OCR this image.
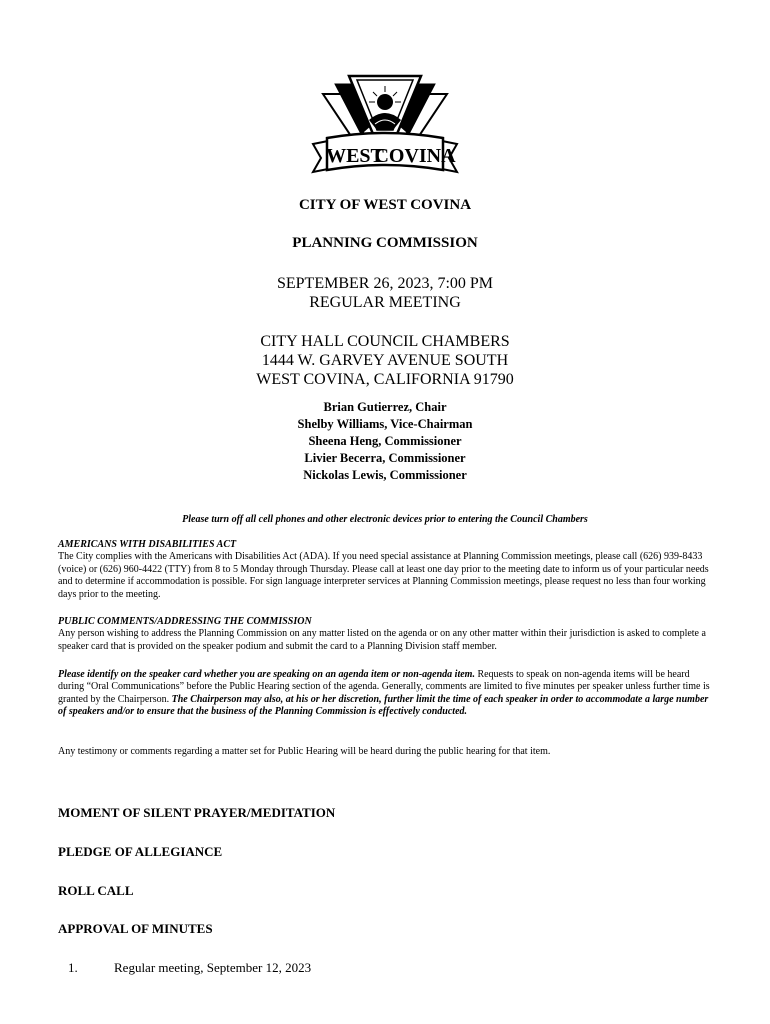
WEST
COVINA
CITY OF WEST COVINA
PLANNING COMMISSION
SEPTEMBER 26, 2023, 7:00 PM
REGULAR MEETING
CITY HALL COUNCIL CHAMBERS
1444 W. GARVEY AVENUE SOUTH
WEST COVINA, CALIFORNIA 91790
Brian Gutierrez, Chair
Shelby Williams, Vice-Chairman
Sheena Heng, Commissioner
Livier Becerra, Commissioner
Nickolas Lewis, Commissioner
Please turn off all cell phones and other electronic devices prior to entering the Council Chambers
AMERICANS WITH DISABILITIES ACT
The City complies with the Americans with Disabilities Act (ADA). If you need special assistance at Planning Commission meetings, please call (626) 939-8433 (voice) or (626) 960-4422 (TTY) from 8 to 5 Monday through Thursday. Please call at least one day prior to the meeting date to inform us of your particular needs and to determine if accommodation is possible. For sign language interpreter services at Planning Commission meetings, please request no less than four working days prior to the meeting.
PUBLIC COMMENTS/ADDRESSING THE COMMISSION
Any person wishing to address the Planning Commission on any matter listed on the agenda or on any other matter within their jurisdiction is asked to complete a speaker card that is provided on the speaker podium and submit the card to a Planning Division staff member.
Please identify on the speaker card whether you are speaking on an agenda item or non-agenda item. Requests to speak on non-agenda items will be heard during “Oral Communications” before the Public Hearing section of the agenda. Generally, comments are limited to five minutes per speaker unless further time is granted by the Chairperson. The Chairperson may also, at his or her discretion, further limit the time of each speaker in order to accommodate a large number of speakers and/or to ensure that the business of the Planning Commission is effectively conducted.
Any testimony or comments regarding a matter set for Public Hearing will be heard during the public hearing for that item.
MOMENT OF SILENT PRAYER/MEDITATION
PLEDGE OF ALLEGIANCE
ROLL CALL
APPROVAL OF MINUTES
1.	Regular meeting, September 12, 2023
